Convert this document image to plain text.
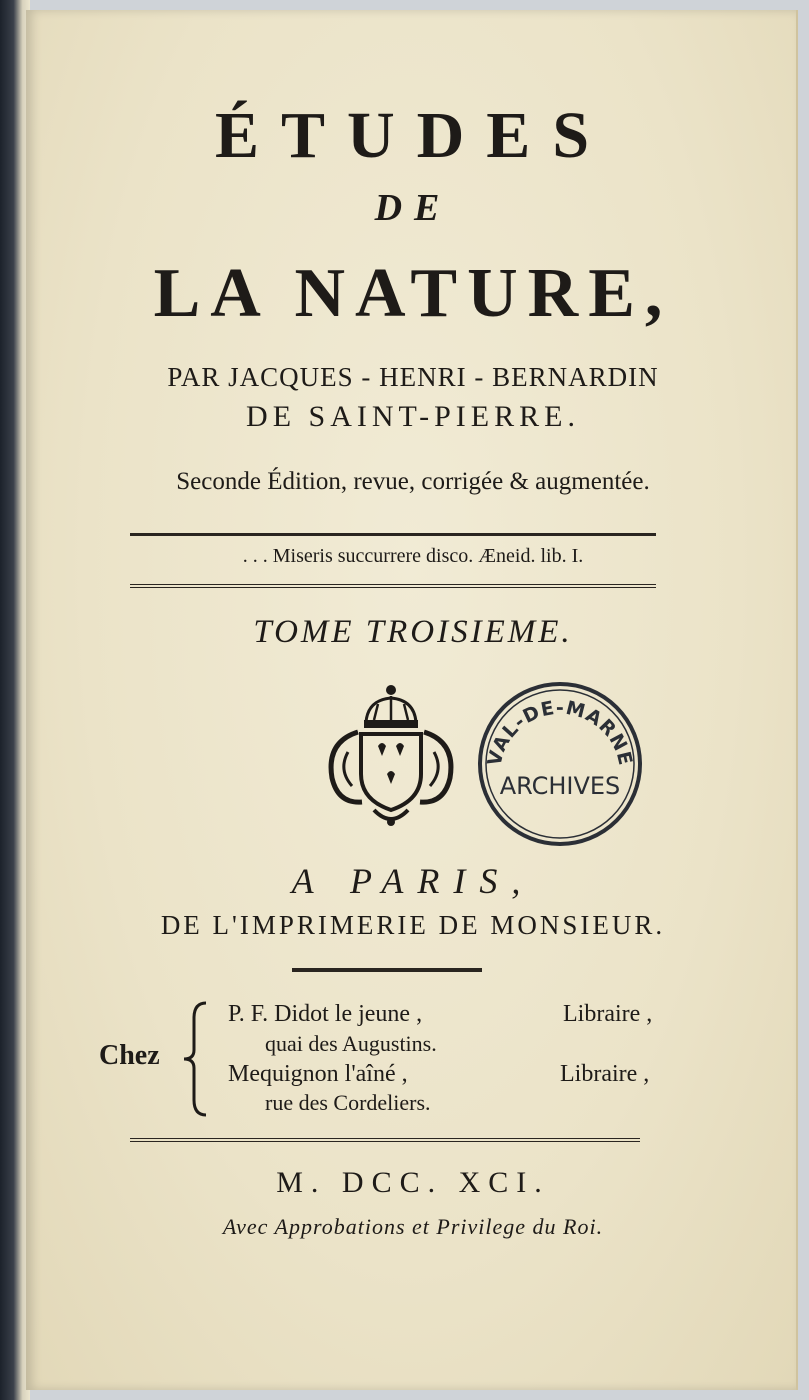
ÉTUDES
DE
LA NATURE,
PAR JACQUES - HENRI - BERNARDIN
DE SAINT-PIERRE.
Seconde Édition, revue, corrigée & augmentée.
. . . Miseris succurrere disco. Æneid. lib. I.
TOME TROISIEME.
VAL-DE-MARNE
ARCHIVES
A PARIS,
DE L'IMPRIMERIE DE MONSIEUR.
Chez
P. F. Didot le jeune ,	Libraire ,
quai des Augustins.
Mequignon l'aîné ,	Libraire ,
rue des Cordeliers.
M. DCC. XCI.
Avec Approbations et Privilege du Roi.
